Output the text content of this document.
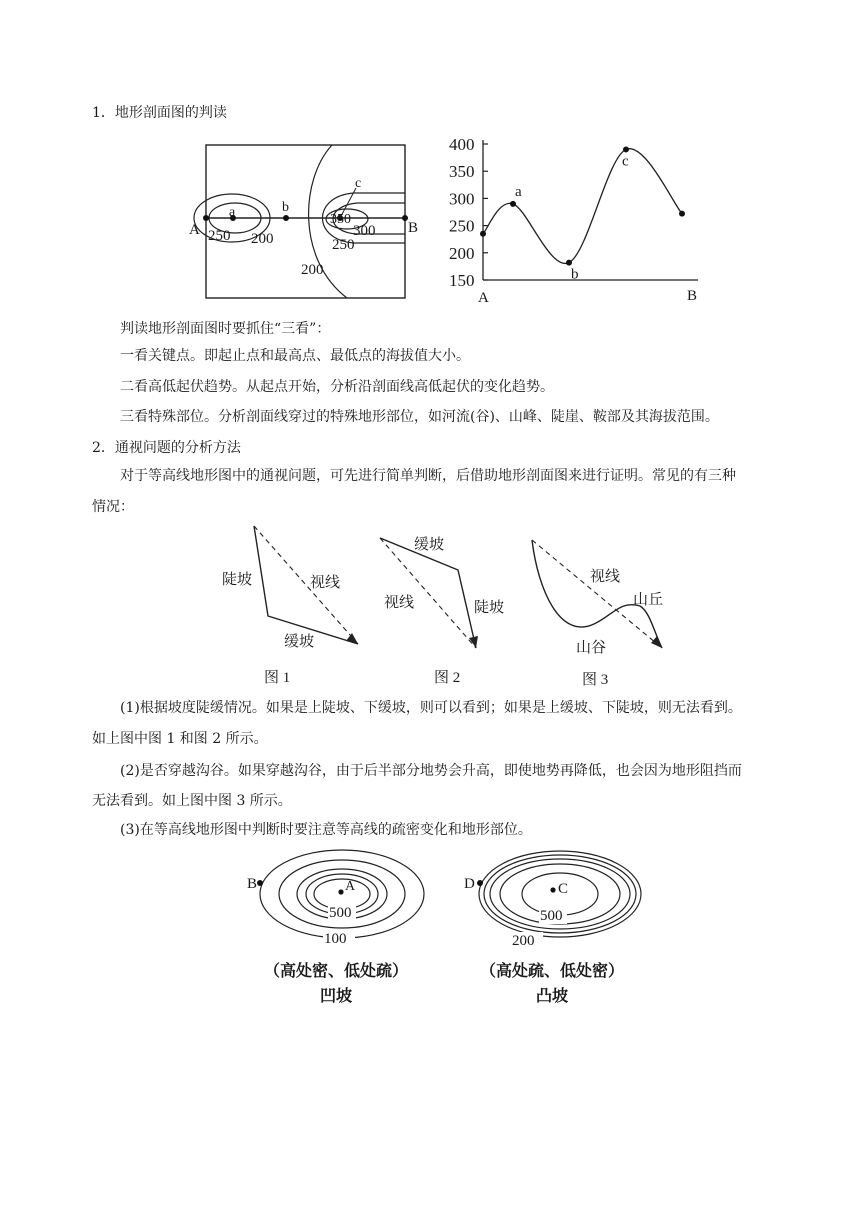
1．地形剖面图的判读
A	B
a	b
c
250 200
350
300
250
200
400
350
300
250
200
150
a
b
c
A	B
判读地形剖面图时要抓住“三看”：
一看关键点。即起止点和最高点、最低点的海拔值大小。
二看高低起伏趋势。从起点开始，分析沿剖面线高低起伏的变化趋势。
三看特殊部位。分析剖面线穿过的特殊地形部位，如河流(谷)、山峰、陡崖、鞍部及其海拔范围。
2．通视问题的分析方法
对于等高线地形图中的通视问题，可先进行简单判断，后借助地形剖面图来进行证明。常见的有三种
情况：
陡坡	视线
缓坡
图 1
缓坡
视线	陡坡
图 2
视线
山丘
山谷
图 3
(1)根据坡度陡缓情况。如果是上陡坡、下缓坡，则可以看到；如果是上缓坡、下陡坡，则无法看到。
如上图中图 1 和图 2 所示。
(2)是否穿越沟谷。如果穿越沟谷，由于后半部分地势会升高，即使地势再降低，也会因为地形阻挡而
无法看到。如上图中图 3 所示。
(3)在等高线地形图中判断时要注意等高线的疏密变化和地形部位。
A
B
500
100
（高处密、低处疏）
凹坡
C
D
500
200
（高处疏、低处密）
凸坡
